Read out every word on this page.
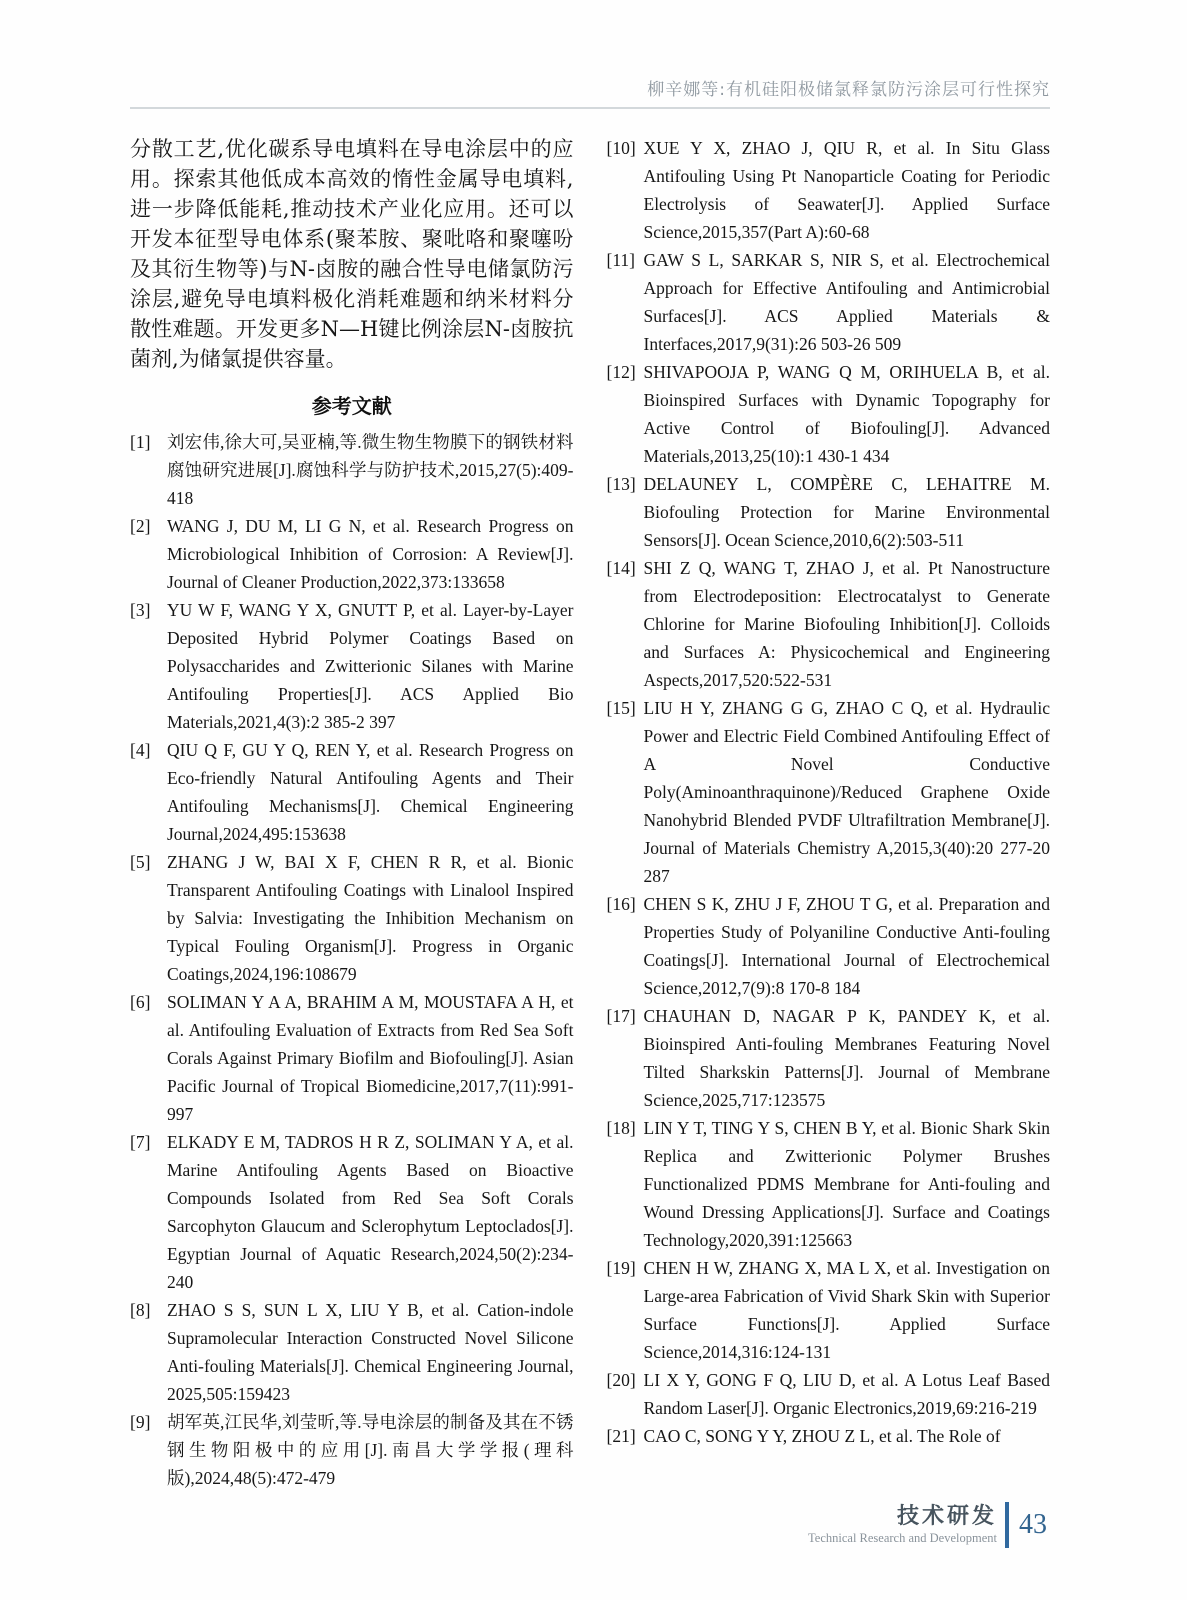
柳辛娜等:有机硅阳极储氯释氯防污涂层可行性探究

分散工艺,优化碳系导电填料在导电涂层中的应用。探索其他低成本高效的惰性金属导电填料,进一步降低能耗,推动技术产业化应用。还可以开发本征型导电体系(聚苯胺、聚吡咯和聚噻吩及其衍生物等)与N-卤胺的融合性导电储氯防污涂层,避免导电填料极化消耗难题和纳米材料分散性难题。开发更多N—H键比例涂层N-卤胺抗菌剂,为储氯提供容量。

参考文献
[1] 刘宏伟,徐大可,吴亚楠,等.微生物生物膜下的钢铁材料腐蚀研究进展[J].腐蚀科学与防护技术,2015,27(5):409-418
[2] WANG J, DU M, LI G N, et al. Research Progress on Microbiological Inhibition of Corrosion: A Review[J]. Journal of Cleaner Production,2022,373:133658
[3] YU W F, WANG Y X, GNUTT P, et al. Layer-by-Layer Deposited Hybrid Polymer Coatings Based on Polysaccharides and Zwitterionic Silanes with Marine Antifouling Properties[J]. ACS Applied Bio Materials,2021,4(3):2 385-2 397
[4] QIU Q F, GU Y Q, REN Y, et al. Research Progress on Eco-friendly Natural Antifouling Agents and Their Antifouling Mechanisms[J]. Chemical Engineering Journal,2024,495:153638
[5] ZHANG J W, BAI X F, CHEN R R, et al. Bionic Transparent Antifouling Coatings with Linalool Inspired by Salvia: Investigating the Inhibition Mechanism on Typical Fouling Organism[J]. Progress in Organic Coatings,2024,196:108679
[6] SOLIMAN Y A A, BRAHIM A M, MOUSTAFA A H, et al. Antifouling Evaluation of Extracts from Red Sea Soft Corals Against Primary Biofilm and Biofouling[J]. Asian Pacific Journal of Tropical Biomedicine,2017,7(11):991-997
[7] ELKADY E M, TADROS H R Z, SOLIMAN Y A, et al. Marine Antifouling Agents Based on Bioactive Compounds Isolated from Red Sea Soft Corals Sarcophyton Glaucum and Sclerophytum Leptoclados[J]. Egyptian Journal of Aquatic Research,2024,50(2):234-240
[8] ZHAO S S, SUN L X, LIU Y B, et al. Cation-indole Supramolecular Interaction Constructed Novel Silicone Anti-fouling Materials[J]. Chemical Engineering Journal, 2025,505:159423
[9] 胡军英,江民华,刘莹昕,等.导电涂层的制备及其在不锈钢生物阳极中的应用[J].南昌大学学报(理科版),2024,48(5):472-479
[10] XUE Y X, ZHAO J, QIU R, et al. In Situ Glass Antifouling Using Pt Nanoparticle Coating for Periodic Electrolysis of Seawater[J]. Applied Surface Science,2015,357(Part A):60-68
[11] GAW S L, SARKAR S, NIR S, et al. Electrochemical Approach for Effective Antifouling and Antimicrobial Surfaces[J]. ACS Applied Materials & Interfaces,2017,9(31):26 503-26 509
[12] SHIVAPOOJA P, WANG Q M, ORIHUELA B, et al. Bioinspired Surfaces with Dynamic Topography for Active Control of Biofouling[J]. Advanced Materials,2013,25(10):1 430-1 434
[13] DELAUNEY L, COMPÈRE C, LEHAITRE M. Biofouling Protection for Marine Environmental Sensors[J]. Ocean Science,2010,6(2):503-511
[14] SHI Z Q, WANG T, ZHAO J, et al. Pt Nanostructure from Electrodeposition: Electrocatalyst to Generate Chlorine for Marine Biofouling Inhibition[J]. Colloids and Surfaces A: Physicochemical and Engineering Aspects,2017,520:522-531
[15] LIU H Y, ZHANG G G, ZHAO C Q, et al. Hydraulic Power and Electric Field Combined Antifouling Effect of A Novel Conductive Poly(Aminoanthraquinone)/Reduced Graphene Oxide Nanohybrid Blended PVDF Ultrafiltration Membrane[J]. Journal of Materials Chemistry A,2015,3(40):20 277-20 287
[16] CHEN S K, ZHU J F, ZHOU T G, et al. Preparation and Properties Study of Polyaniline Conductive Anti-fouling Coatings[J]. International Journal of Electrochemical Science,2012,7(9):8 170-8 184
[17] CHAUHAN D, NAGAR P K, PANDEY K, et al. Bioinspired Anti-fouling Membranes Featuring Novel Tilted Sharkskin Patterns[J]. Journal of Membrane Science,2025,717:123575
[18] LIN Y T, TING Y S, CHEN B Y, et al. Bionic Shark Skin Replica and Zwitterionic Polymer Brushes Functionalized PDMS Membrane for Anti-fouling and Wound Dressing Applications[J]. Surface and Coatings Technology,2020,391:125663
[19] CHEN H W, ZHANG X, MA L X, et al. Investigation on Large-area Fabrication of Vivid Shark Skin with Superior Surface Functions[J]. Applied Surface Science,2014,316:124-131
[20] LI X Y, GONG F Q, LIU D, et al. A Lotus Leaf Based Random Laser[J]. Organic Electronics,2019,69:216-219
[21] CAO C, SONG Y Y, ZHOU Z L, et al. The Role of
技术研发
Technical Research and Development 43
